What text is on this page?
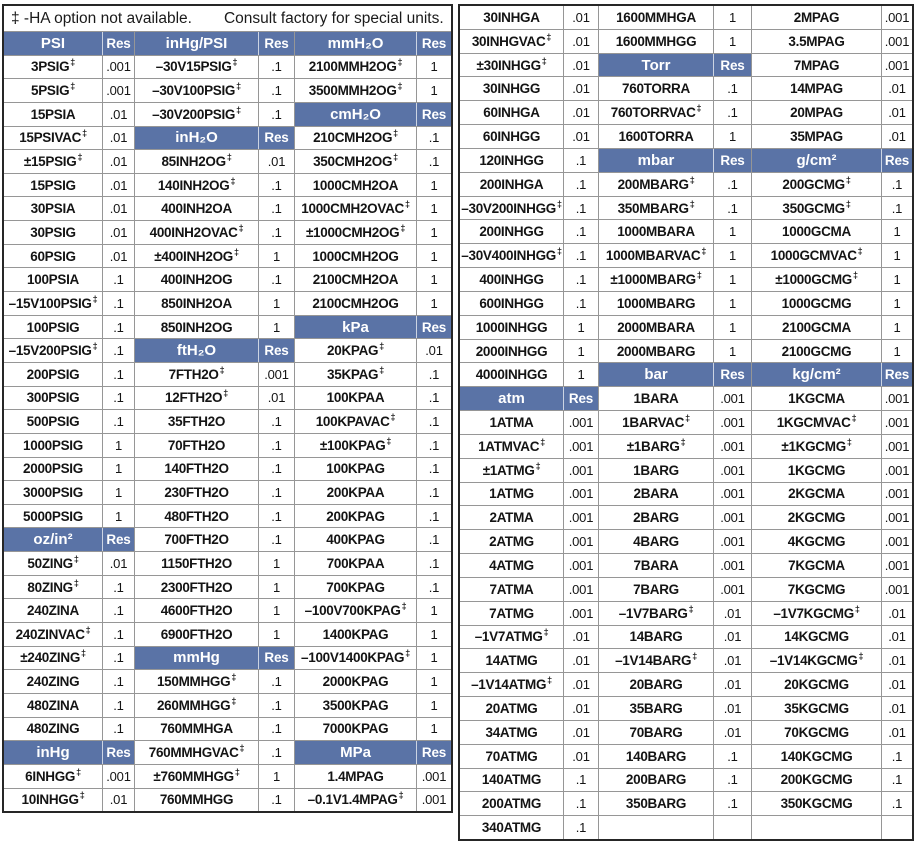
‡ -HA option not available. Consult factory for special units.
PSI	Res
3PSIG‡ .001
5PSIG‡ .001
15PSIA	.01
15PSIVAC‡	.01
±15PSIG‡	.01
15PSIG	.01
30PSIA	.01
30PSIG	.01
60PSIG	.01
100PSIA	.1
–15V100PSIG‡	.1
100PSIG	.1
–15V200PSIG‡	.1
200PSIG	.1
300PSIG	.1
500PSIG	.1
1000PSIG	1
2000PSIG	1
3000PSIG	1
5000PSIG	1
oz/in²	Res
50ZING‡	.01
80ZING‡	.1
240ZINA	.1
240ZINVAC‡	.1
±240ZING‡	.1
240ZING	.1
480ZINA	.1
480ZING	.1
inHg	Res
6INHGG‡ .001
10INHGG‡	.01
inHg/PSI	Res
–30V15PSIG‡	.1
–30V100PSIG‡	.1
–30V200PSIG‡	.1
inH₂O	Res
85INH2OG‡	.01
140INH2OG‡	.1
400INH2OA	.1
400INH2OVAC‡	.1
±400INH2OG‡	1
400INH2OG	.1
850INH2OA	1
850INH2OG	1
ftH₂O	Res
7FTH2O‡	.001
12FTH2O‡	.01
35FTH2O	.1
70FTH2O	.1
140FTH2O	.1
230FTH2O	.1
480FTH2O	.1
700FTH2O	.1
1150FTH2O	1
2300FTH2O	1
4600FTH2O	1
6900FTH2O	1
mmHg	Res
150MMHGG‡	.1
260MMHGG‡	.1
760MMHGA	.1
760MMHGVAC‡	.1
±760MMHGG‡	1
760MMHGG	.1
mmH₂O	Res
2100MMH2OG‡	1
3500MMH2OG‡	1
cmH₂O	Res
210CMH2OG‡	.1
350CMH2OG‡	.1
1000CMH2OA	1
1000CMH2OVAC‡	1
±1000CMH2OG‡	1
1000CMH2OG	1
2100CMH2OA	1
2100CMH2OG	1
kPa	Res
20KPAG‡	.01
35KPAG‡	.1
100KPAA	.1
100KPAVAC‡	.1
±100KPAG‡	.1
100KPAG	.1
200KPAA	.1
200KPAG	.1
400KPAG	.1
700KPAA	.1
700KPAG	.1
–100V700KPAG‡	1
1400KPAG	1
–100V1400KPAG‡	1
2000KPAG	1
3500KPAG	1
7000KPAG	1
MPa	Res
1.4MPAG	.001
–0.1V1.4MPAG‡	.001
30INHGA	.01
30INHGVAC‡	.01
±30INHGG‡	.01
30INHGG	.01
60INHGA	.01
60INHGG	.01
120INHGG	.1
200INHGA	.1
–30V200INHGG‡	.1
200INHGG	.1
–30V400INHGG‡	.1
400INHGG	.1
600INHGG	.1
1000INHGG	1
2000INHGG	1
4000INHGG	1
atm	Res
1ATMA	.001
1ATMVAC‡	.001
±1ATMG‡	.001
1ATMG	.001
2ATMA	.001
2ATMG	.001
4ATMG	.001
7ATMA	.001
7ATMG	.001
–1V7ATMG‡	.01
14ATMG	.01
–1V14ATMG‡	.01
20ATMG	.01
34ATMG	.01
70ATMG	.01
140ATMG	.1
200ATMG	.1
340ATMG	.1
1600MMHGA	1
1600MMHGG	1
Torr	Res
760TORRA	.1
760TORRVAC‡	.1
1600TORRA	1
mbar	Res
200MBARG‡	.1
350MBARG‡	.1
1000MBARA	1
1000MBARVAC‡	1
±1000MBARG‡	1
1000MBARG	1
2000MBARA	1
2000MBARG	1
bar	Res
1BARA	.001
1BARVAC‡	.001
±1BARG‡	.001
1BARG	.001
2BARA	.001
2BARG	.001
4BARG	.001
7BARA	.001
7BARG	.001
–1V7BARG‡	.01
14BARG	.01
–1V14BARG‡	.01
20BARG	.01
35BARG	.01
70BARG	.01
140BARG	.1
200BARG	.1
350BARG	.1
2MPAG	.001
3.5MPAG	.001
7MPAG	.001
14MPAG	.01
20MPAG	.01
35MPAG	.01
g/cm²	Res
200GCMG‡	.1
350GCMG‡	.1
1000GCMA	1
1000GCMVAC‡	1
±1000GCMG‡	1
1000GCMG	1
2100GCMA	1
2100GCMG	1
kg/cm²	Res
1KGCMA	.001
1KGCMVAC‡ .001
±1KGCMG‡	.001
1KGCMG	.001
2KGCMA	.001
2KGCMG	.001
4KGCMG	.001
7KGCMA	.001
7KGCMG	.001
–1V7KGCMG‡	.01
14KGCMG	.01
–1V14KGCMG‡	.01
20KGCMG	.01
35KGCMG	.01
70KGCMG	.01
140KGCMG	.1
200KGCMG	.1
350KGCMG	.1
